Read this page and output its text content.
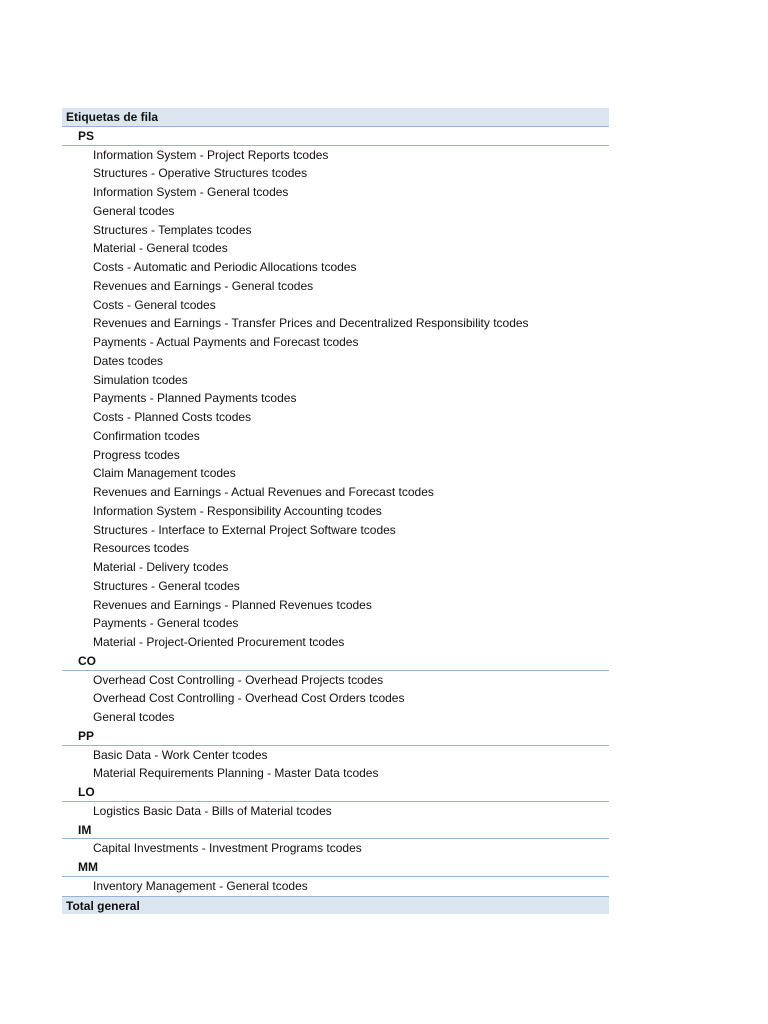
Etiquetas de fila
PS
Information System - Project Reports tcodes
Structures - Operative Structures tcodes
Information System - General tcodes
General tcodes
Structures - Templates tcodes
Material - General tcodes
Costs - Automatic and Periodic Allocations tcodes
Revenues and Earnings - General tcodes
Costs - General tcodes
Revenues and Earnings - Transfer Prices and Decentralized Responsibility tcodes
Payments - Actual Payments and Forecast tcodes
Dates tcodes
Simulation tcodes
Payments - Planned Payments tcodes
Costs - Planned Costs tcodes
Confirmation tcodes
Progress tcodes
Claim Management tcodes
Revenues and Earnings - Actual Revenues and Forecast tcodes
Information System - Responsibility Accounting tcodes
Structures - Interface to External Project Software tcodes
Resources tcodes
Material - Delivery tcodes
Structures - General tcodes
Revenues and Earnings - Planned Revenues tcodes
Payments - General tcodes
Material - Project-Oriented Procurement tcodes
CO
Overhead Cost Controlling - Overhead Projects tcodes
Overhead Cost Controlling - Overhead Cost Orders tcodes
General tcodes
PP
Basic Data - Work Center tcodes
Material Requirements Planning - Master Data tcodes
LO
Logistics Basic Data - Bills of Material tcodes
IM
Capital Investments - Investment Programs tcodes
MM
Inventory Management - General tcodes
Total general
